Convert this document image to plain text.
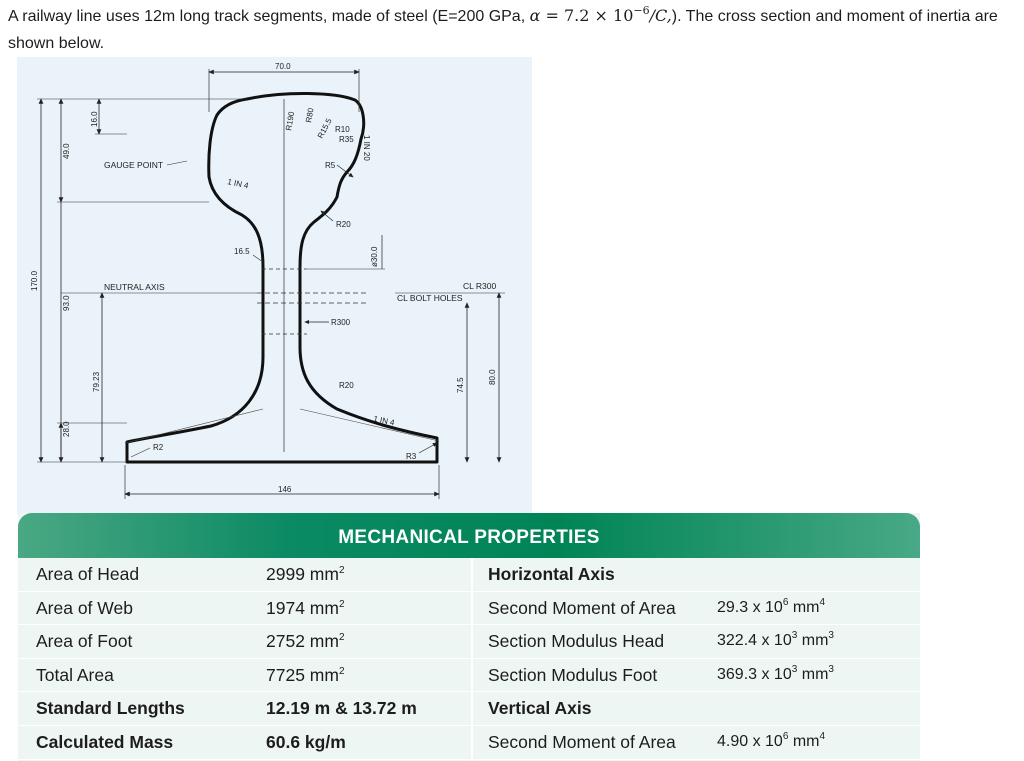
A railway line uses 12m long track segments, made of steel (E=200 GPa, $\alpha = 7.2 \times 10^{-6}/C$,). The cross section and moment of inertia are shown below.

70.0
146
170.0
49.0
16.0
93.0
79.23
28.0
GAUGE POINT
NEUTRAL AXIS
CL BOLT HOLES
CL R300
74.5
80.0
ø30.0
16.5
R190 R80
R15.5 R10
R35
R5
R20
R300
R20
R3
R2
1 IN 4
1 IN 20
1 IN 4
MECHANICAL PROPERTIES
Area of Head	2999 $mm^2$	Horizontal Axis
Area of Web	1974 $mm^2$	Second Moment of Area	29.3 x $10^6$ $mm^4$
Area of Foot	2752 $mm^2$	Section Modulus Head	322.4 x $10^3$ $mm^3$
Total Area	7725 $mm^2$	Section Modulus Foot	369.3 x $10^3$ $mm^3$
Standard Lengths	12.19 m & 13.72 m	Vertical Axis
Calculated Mass	60.6 kg/m	Second Moment of Area	4.90 x $10^6$ $mm^4$
